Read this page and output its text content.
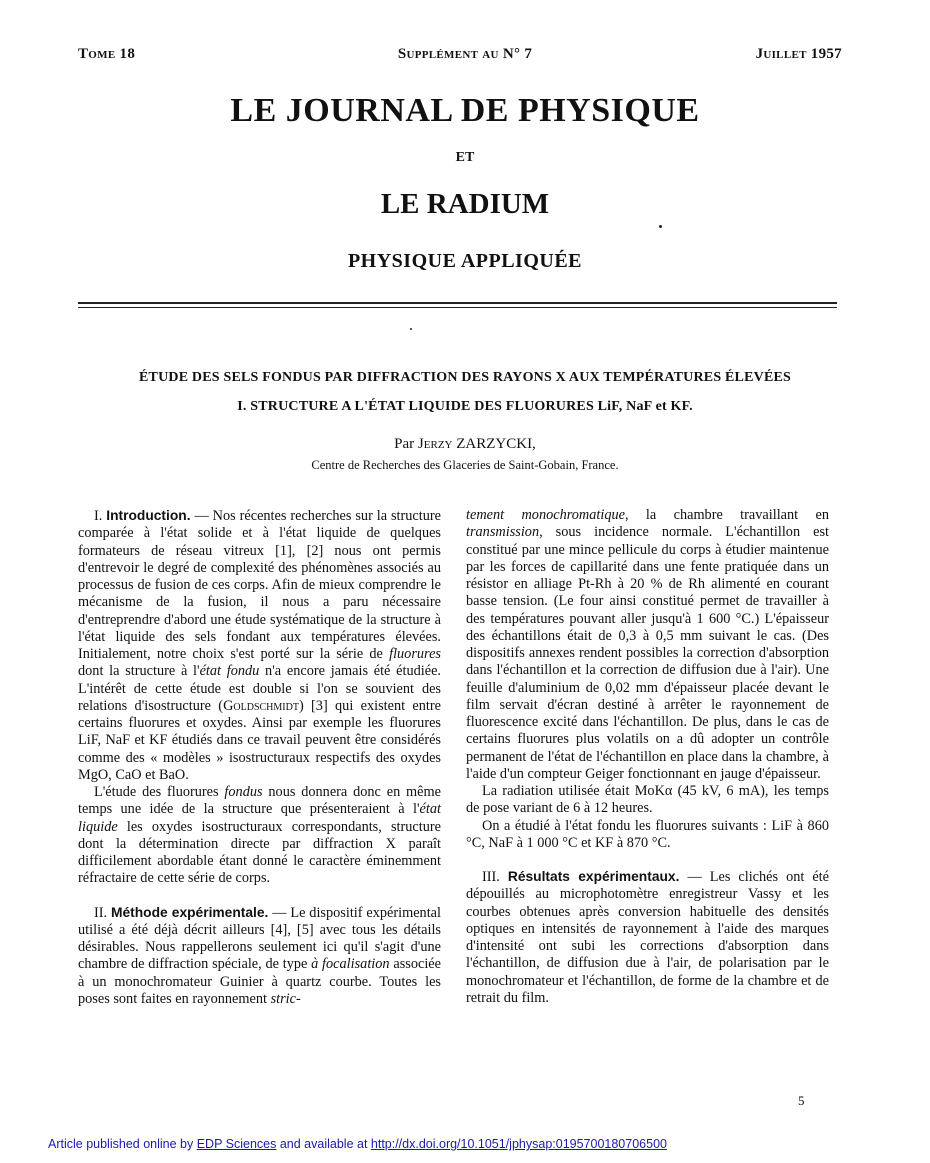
Tome 18	Supplément au N° 7	Juillet 1957
LE JOURNAL DE PHYSIQUE
ET
LE RADIUM
PHYSIQUE APPLIQUÉE
ÉTUDE DES SELS FONDUS PAR DIFFRACTION DES RAYONS X AUX TEMPÉRATURES ÉLEVÉES
I. STRUCTURE A L'ÉTAT LIQUIDE DES FLUORURES LiF, NaF et KF.
Par Jerzy ZARZYCKI,
Centre de Recherches des Glaceries de Saint-Gobain, France.

I. Introduction. — Nos récentes recherches sur la structure comparée à l'état solide et à l'état liquide de quelques formateurs de réseau vitreux [1], [2] nous ont permis d'entrevoir le degré de complexité des phénomènes associés au processus de fusion de ces corps. Afin de mieux comprendre le mécanisme de la fusion, il nous a paru nécessaire d'entreprendre d'abord une étude systématique de la structure à l'état liquide des sels fondant aux températures élevées. Initialement, notre choix s'est porté sur la série de fluorures dont la structure à l'état fondu n'a encore jamais été étudiée. L'intérêt de cette étude est double si l'on se souvient des relations d'isostructure (Goldschmidt) [3] qui existent entre certains fluorures et oxydes. Ainsi par exemple les fluorures LiF, NaF et KF étudiés dans ce travail peuvent être considérés comme des « modèles » isostructuraux respectifs des oxydes MgO, CaO et BaO.

L'étude des fluorures fondus nous donnera donc en même temps une idée de la structure que présenteraient à l'état liquide les oxydes isostructuraux correspondants, structure dont la détermination directe par diffraction X paraît difficilement abordable étant donné le caractère éminemment réfractaire de cette série de corps.

II. Méthode expérimentale. — Le dispositif expérimental utilisé a été déjà décrit ailleurs [4], [5] avec tous les détails désirables. Nous rappellerons seulement ici qu'il s'agit d'une chambre de diffraction spéciale, de type à focalisation associée à un monochromateur Guinier à quartz courbe. Toutes les poses sont faites en rayonnement stric-

tement monochromatique, la chambre travaillant en transmission, sous incidence normale. L'échantillon est constitué par une mince pellicule du corps à étudier maintenue par les forces de capillarité dans une fente pratiquée dans un résistor en alliage Pt-Rh à 20 % de Rh alimenté en courant basse tension. (Le four ainsi constitué permet de travailler à des températures pouvant aller jusqu'à 1 600 °C.) L'épaisseur des échantillons était de 0,3 à 0,5 mm suivant le cas. (Des dispositifs annexes rendent possibles la correction d'absorption dans l'échantillon et la correction de diffusion due à l'air). Une feuille d'aluminium de 0,02 mm d'épaisseur placée devant le film servait d'écran destiné à arrêter le rayonnement de fluorescence excité dans l'échantillon. De plus, dans le cas de certains fluorures plus volatils on a dû adopter un contrôle permanent de l'état de l'échantillon en place dans la chambre, à l'aide d'un compteur Geiger fonctionnant en jauge d'épaisseur.

La radiation utilisée était MoKα (45 kV, 6 mA), les temps de pose variant de 6 à 12 heures.

On a étudié à l'état fondu les fluorures suivants : LiF à 860 °C, NaF à 1 000 °C et KF à 870 °C.

III. Résultats expérimentaux. — Les clichés ont été dépouillés au microphotomètre enregistreur Vassy et les courbes obtenues après conversion habituelle des densités optiques en intensités de rayonnement à l'aide des marques d'intensité ont subi les corrections d'absorption dans l'échantillon, de diffusion due à l'air, de polarisation par le monochromateur et l'échantillon, de forme de la chambre et de retrait du film.

5
Article published online by EDP Sciences and available at http://dx.doi.org/10.1051/jphysap:0195700180706500
